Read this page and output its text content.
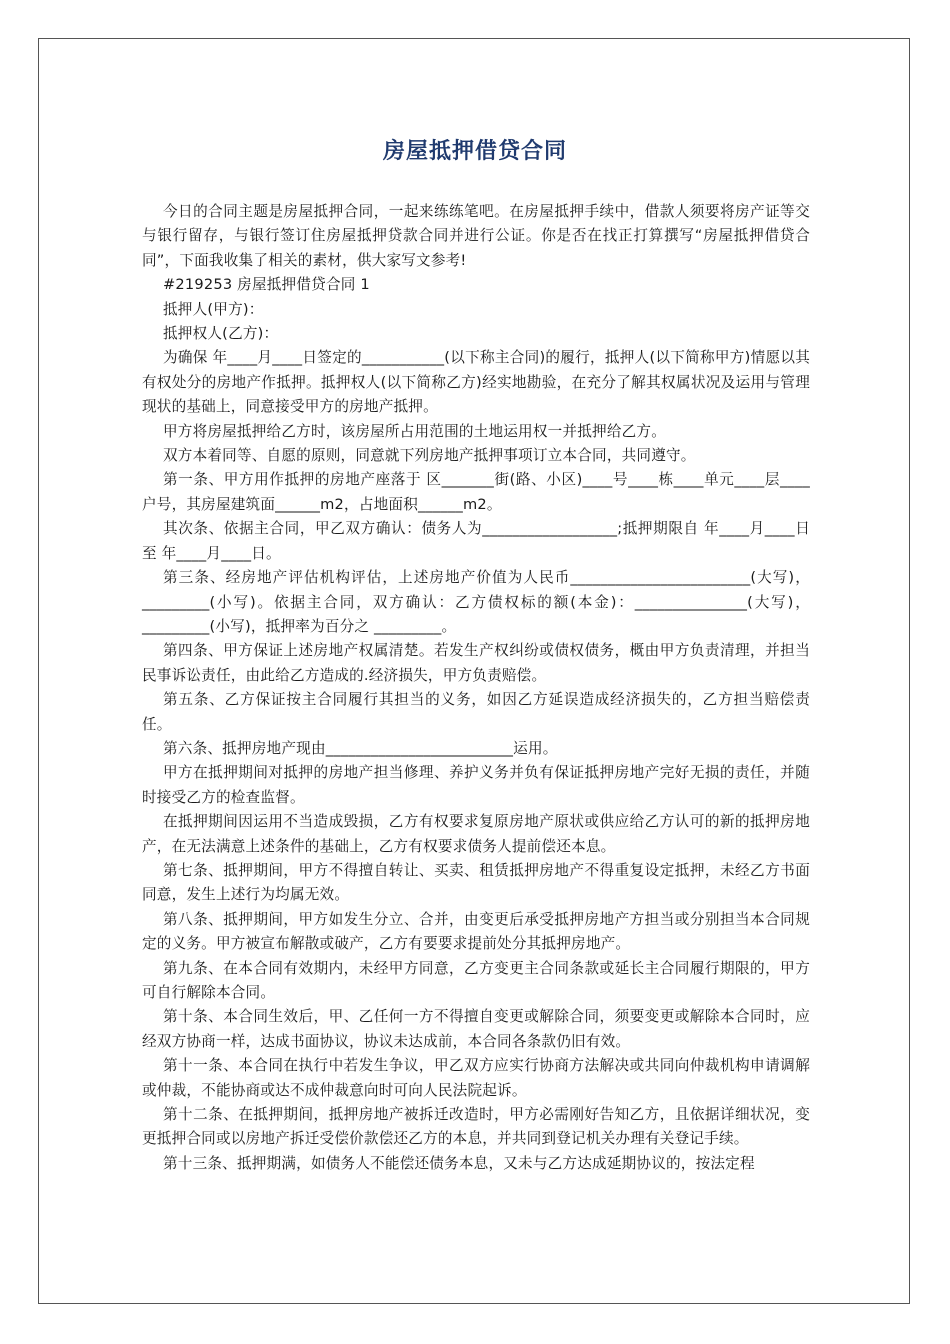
房屋抵押借贷合同

今日的合同主题是房屋抵押合同，一起来练练笔吧。在房屋抵押手续中，借款人须要将房产证等交与银行留存，与银行签订住房屋抵押贷款合同并进行公证。你是否在找正打算撰写“房屋抵押借贷合同”，下面我收集了相关的素材，供大家写文参考!

#219253 房屋抵押借贷合同 1

抵押人(甲方)：

抵押权人(乙方)：

为确保 年____月____日签定的___________(以下称主合同)的履行，抵押人(以下简称甲方)情愿以其有权处分的房地产作抵押。抵押权人(以下简称乙方)经实地勘验，在充分了解其权属状况及运用与管理现状的基础上，同意接受甲方的房地产抵押。

甲方将房屋抵押给乙方时，该房屋所占用范围的土地运用权一并抵押给乙方。

双方本着同等、自愿的原则，同意就下列房地产抵押事项订立本合同，共同遵守。

第一条、甲方用作抵押的房地产座落于 区_______街(路、小区)____号____栋____单元____层____户号，其房屋建筑面______m2，占地面积______m2。

其次条、依据主合同，甲乙双方确认：债务人为__________________;抵押期限自 年____月____日至 年____月____日。

第三条、经房地产评估机构评估，上述房地产价值为人民币________________________(大写)，_________(小写)。依据主合同，双方确认：乙方债权标的额(本金)：_______________(大写)，_________(小写)，抵押率为百分之 _________。

第四条、甲方保证上述房地产权属清楚。若发生产权纠纷或债权债务，概由甲方负责清理，并担当民事诉讼责任，由此给乙方造成的.经济损失，甲方负责赔偿。

第五条、乙方保证按主合同履行其担当的义务，如因乙方延误造成经济损失的，乙方担当赔偿责任。

第六条、抵押房地产现由_________________________运用。

甲方在抵押期间对抵押的房地产担当修理、养护义务并负有保证抵押房地产完好无损的责任，并随时接受乙方的检查监督。

在抵押期间因运用不当造成毁损，乙方有权要求复原房地产原状或供应给乙方认可的新的抵押房地产，在无法满意上述条件的基础上，乙方有权要求债务人提前偿还本息。

第七条、抵押期间，甲方不得擅自转让、买卖、租赁抵押房地产不得重复设定抵押，未经乙方书面同意，发生上述行为均属无效。

第八条、抵押期间，甲方如发生分立、合并，由变更后承受抵押房地产方担当或分别担当本合同规定的义务。甲方被宣布解散或破产，乙方有要要求提前处分其抵押房地产。

第九条、在本合同有效期内，未经甲方同意，乙方变更主合同条款或延长主合同履行期限的，甲方可自行解除本合同。

第十条、本合同生效后，甲、乙任何一方不得擅自变更或解除合同，须要变更或解除本合同时，应经双方协商一样，达成书面协议，协议未达成前，本合同各条款仍旧有效。

第十一条、本合同在执行中若发生争议，甲乙双方应实行协商方法解决或共同向仲裁机构申请调解或仲裁，不能协商或达不成仲裁意向时可向人民法院起诉。

第十二条、在抵押期间，抵押房地产被拆迁改造时，甲方必需刚好告知乙方，且依据详细状况，变更抵押合同或以房地产拆迁受偿价款偿还乙方的本息，并共同到登记机关办理有关登记手续。

第十三条、抵押期满，如债务人不能偿还债务本息，又未与乙方达成延期协议的，按法定程
